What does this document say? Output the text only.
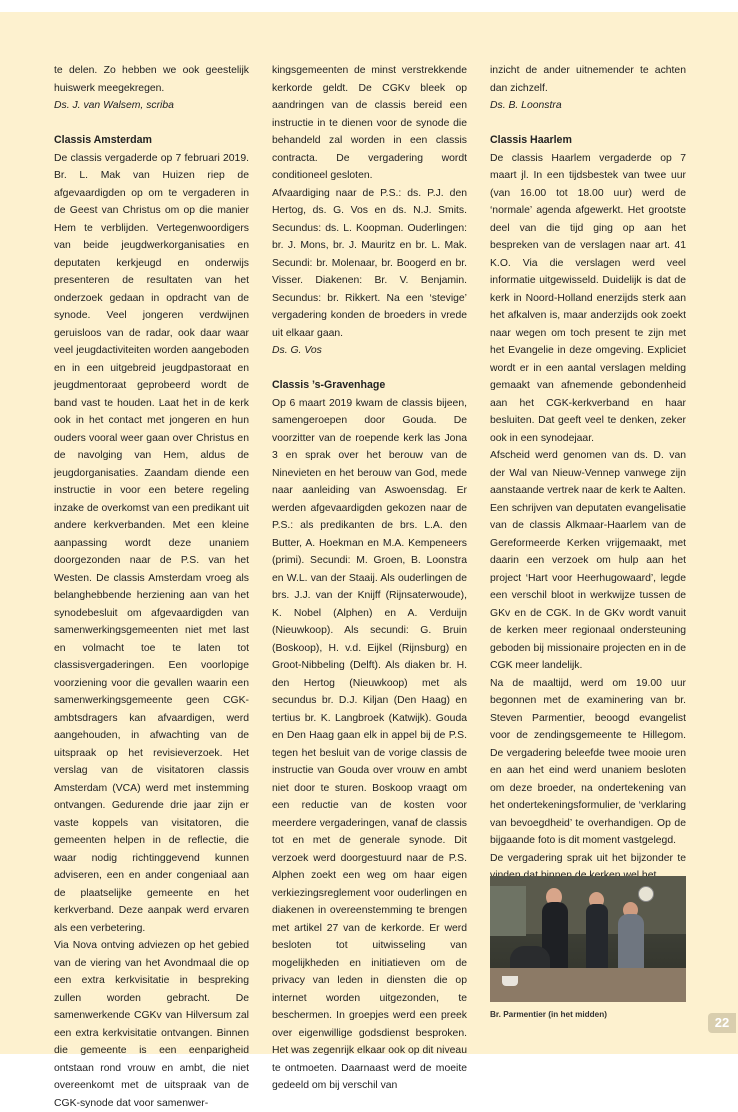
te delen. Zo hebben we ook geestelijk huiswerk meegekregen.

Ds. J. van Walsem, scriba

Classis Amsterdam

De classis vergaderde op 7 februari 2019. Br. L. Mak van Huizen riep de afgevaardigden op om te vergaderen in de Geest van Christus om op die manier Hem te verblijden. Vertegenwoordigers van beide jeugdwerkorganisaties en deputaten kerkjeugd en onderwijs presenteren de resultaten van het onderzoek gedaan in opdracht van de synode. Veel jongeren verdwijnen geruisloos van de radar, ook daar waar veel jeugdactiviteiten worden aangeboden en in een uitgebreid jeugdpastoraat en jeugdmentoraat geprobeerd wordt de band vast te houden. Laat het in de kerk ook in het contact met jongeren en hun ouders vooral weer gaan over Christus en de navolging van Hem, aldus de jeugdorganisaties. Zaandam diende een instructie in voor een betere regeling inzake de overkomst van een predikant uit andere kerkverbanden. Met een kleine aanpassing wordt deze unaniem doorgezonden naar de P.S. van het Westen. De classis Amsterdam vroeg als belanghebbende herziening aan van het synodebesluit om afgevaardigden van samenwerkingsgemeenten niet met last en volmacht toe te laten tot classisvergaderingen. Een voorlopige voorziening voor die gevallen waarin een samenwerkingsgemeente geen CGK-ambtsdragers kan afvaardigen, werd aangehouden, in afwachting van de uitspraak op het revisieverzoek. Het verslag van de visitatoren classis Amsterdam (VCA) werd met instemming ontvangen. Gedurende drie jaar zijn er vaste koppels van visitatoren, die gemeenten helpen in de reflectie, die waar nodig richtinggevend kunnen adviseren, een en ander congeniaal aan de plaatselijke gemeente en het kerkverband. Deze aanpak werd ervaren als een verbetering.

Via Nova ontving adviezen op het gebied van de viering van het Avondmaal die op een extra kerkvisitatie in bespreking zullen worden gebracht. De samenwerkende CGKv van Hilversum zal een extra kerkvisitatie ontvangen. Binnen die gemeente is een eenparigheid ontstaan rond vrouw en ambt, die niet overeenkomt met de uitspraak van de CGK-synode dat voor samenwer-

kingsgemeenten de minst verstrekkende kerkorde geldt. De CGKv bleek op aandringen van de classis bereid een instructie in te dienen voor de synode die behandeld zal worden in een classis contracta. De vergadering wordt conditioneel gesloten.

Afvaardiging naar de P.S.: ds. P.J. den Hertog, ds. G. Vos en ds. N.J. Smits. Secundus: ds. L. Koopman. Ouderlingen: br. J. Mons, br. J. Mauritz en br. L. Mak. Secundi: br. Molenaar, br. Boogerd en br. Visser. Diakenen: Br. V. Benjamin. Secundus: br. Rikkert. Na een ‘stevige’ vergadering konden de broeders in vrede uit elkaar gaan.

Ds. G. Vos

Classis ’s-Gravenhage

Op 6 maart 2019 kwam de classis bijeen, samengeroepen door Gouda. De voorzitter van de roepende kerk las Jona 3 en sprak over het berouw van de Ninevieten en het berouw van God, mede naar aanleiding van Aswoensdag. Er werden afgevaardigden gekozen naar de P.S.: als predikanten de brs. L.A. den Butter, A. Hoekman en M.A. Kempeneers (primi). Secundi: M. Groen, B. Loonstra en W.L. van der Staaij. Als ouderlingen de brs. J.J. van der Knijff (Rijnsaterwoude), K. Nobel (Alphen) en A. Verduijn (Nieuwkoop). Als secundi: G. Bruin (Boskoop), H. v.d. Eijkel (Rijnsburg) en Groot-Nibbeling (Delft). Als diaken br. H. den Hertog (Nieuwkoop) met als secundus br. D.J. Kiljan (Den Haag) en tertius br. K. Langbroek (Katwijk). Gouda en Den Haag gaan elk in appel bij de P.S. tegen het besluit van de vorige classis de instructie van Gouda over vrouw en ambt niet door te sturen. Boskoop vraagt om een reductie van de kosten voor meerdere vergaderingen, vanaf de classis tot en met de generale synode. Dit verzoek werd doorgestuurd naar de P.S. Alphen zoekt een weg om haar eigen verkiezingsreglement voor ouderlingen en diakenen in overeenstemming te brengen met artikel 27 van de kerkorde. Er werd besloten tot uitwisseling van mogelijkheden en initiatieven om de privacy van leden in diensten die op internet worden uitgezonden, te beschermen. In groepjes werd een preek over eigenwillige godsdienst besproken. Het was zegenrijk elkaar ook op dit niveau te ontmoeten. Daarnaast werd de moeite gedeeld om bij verschil van

inzicht de ander uitnemender te achten dan zichzelf.

Ds. B. Loonstra

Classis Haarlem

De classis Haarlem vergaderde op 7 maart jl. In een tijdsbestek van twee uur (van 16.00 tot 18.00 uur) werd de ‘normale’ agenda afgewerkt. Het grootste deel van die tijd ging op aan het bespreken van de verslagen naar art. 41 K.O. Via die verslagen werd veel informatie uitgewisseld. Duidelijk is dat de kerk in Noord-Holland enerzijds sterk aan het afkalven is, maar anderzijds ook zoekt naar wegen om toch present te zijn met het Evangelie in deze omgeving. Expliciet wordt er in een aantal verslagen melding gemaakt van afnemende gebondenheid aan het CGK-kerkverband en haar besluiten. Dat geeft veel te denken, zeker ook in een synodejaar.

Afscheid werd genomen van ds. D. van der Wal van Nieuw-Vennep vanwege zijn aanstaande vertrek naar de kerk te Aalten.

Een schrijven van deputaten evangelisatie van de classis Alkmaar-Haarlem van de Gereformeerde Kerken vrijgemaakt, met daarin een verzoek om hulp aan het project ‘Hart voor Heerhugowaard’, legde een verschil bloot in werkwijze tussen de GKv en de CGK. In de GKv wordt vanuit de kerken meer regionaal ondersteuning geboden bij missionaire projecten en in de CGK meer landelijk.

Na de maaltijd, werd om 19.00 uur begonnen met de examinering van br. Steven Parmentier, beoogd evangelist voor de zendingsgemeente te Hillegom. De vergadering beleefde twee mooie uren en aan het eind werd unaniem besloten om deze broeder, na ondertekening van het ondertekeningsformulier, de ‘verklaring van bevoegdheid’ te overhandigen. Op de bijgaande foto is dit moment vastgelegd.

De vergadering sprak uit het bijzonder te

Br. Parmentier (in het midden)
22
